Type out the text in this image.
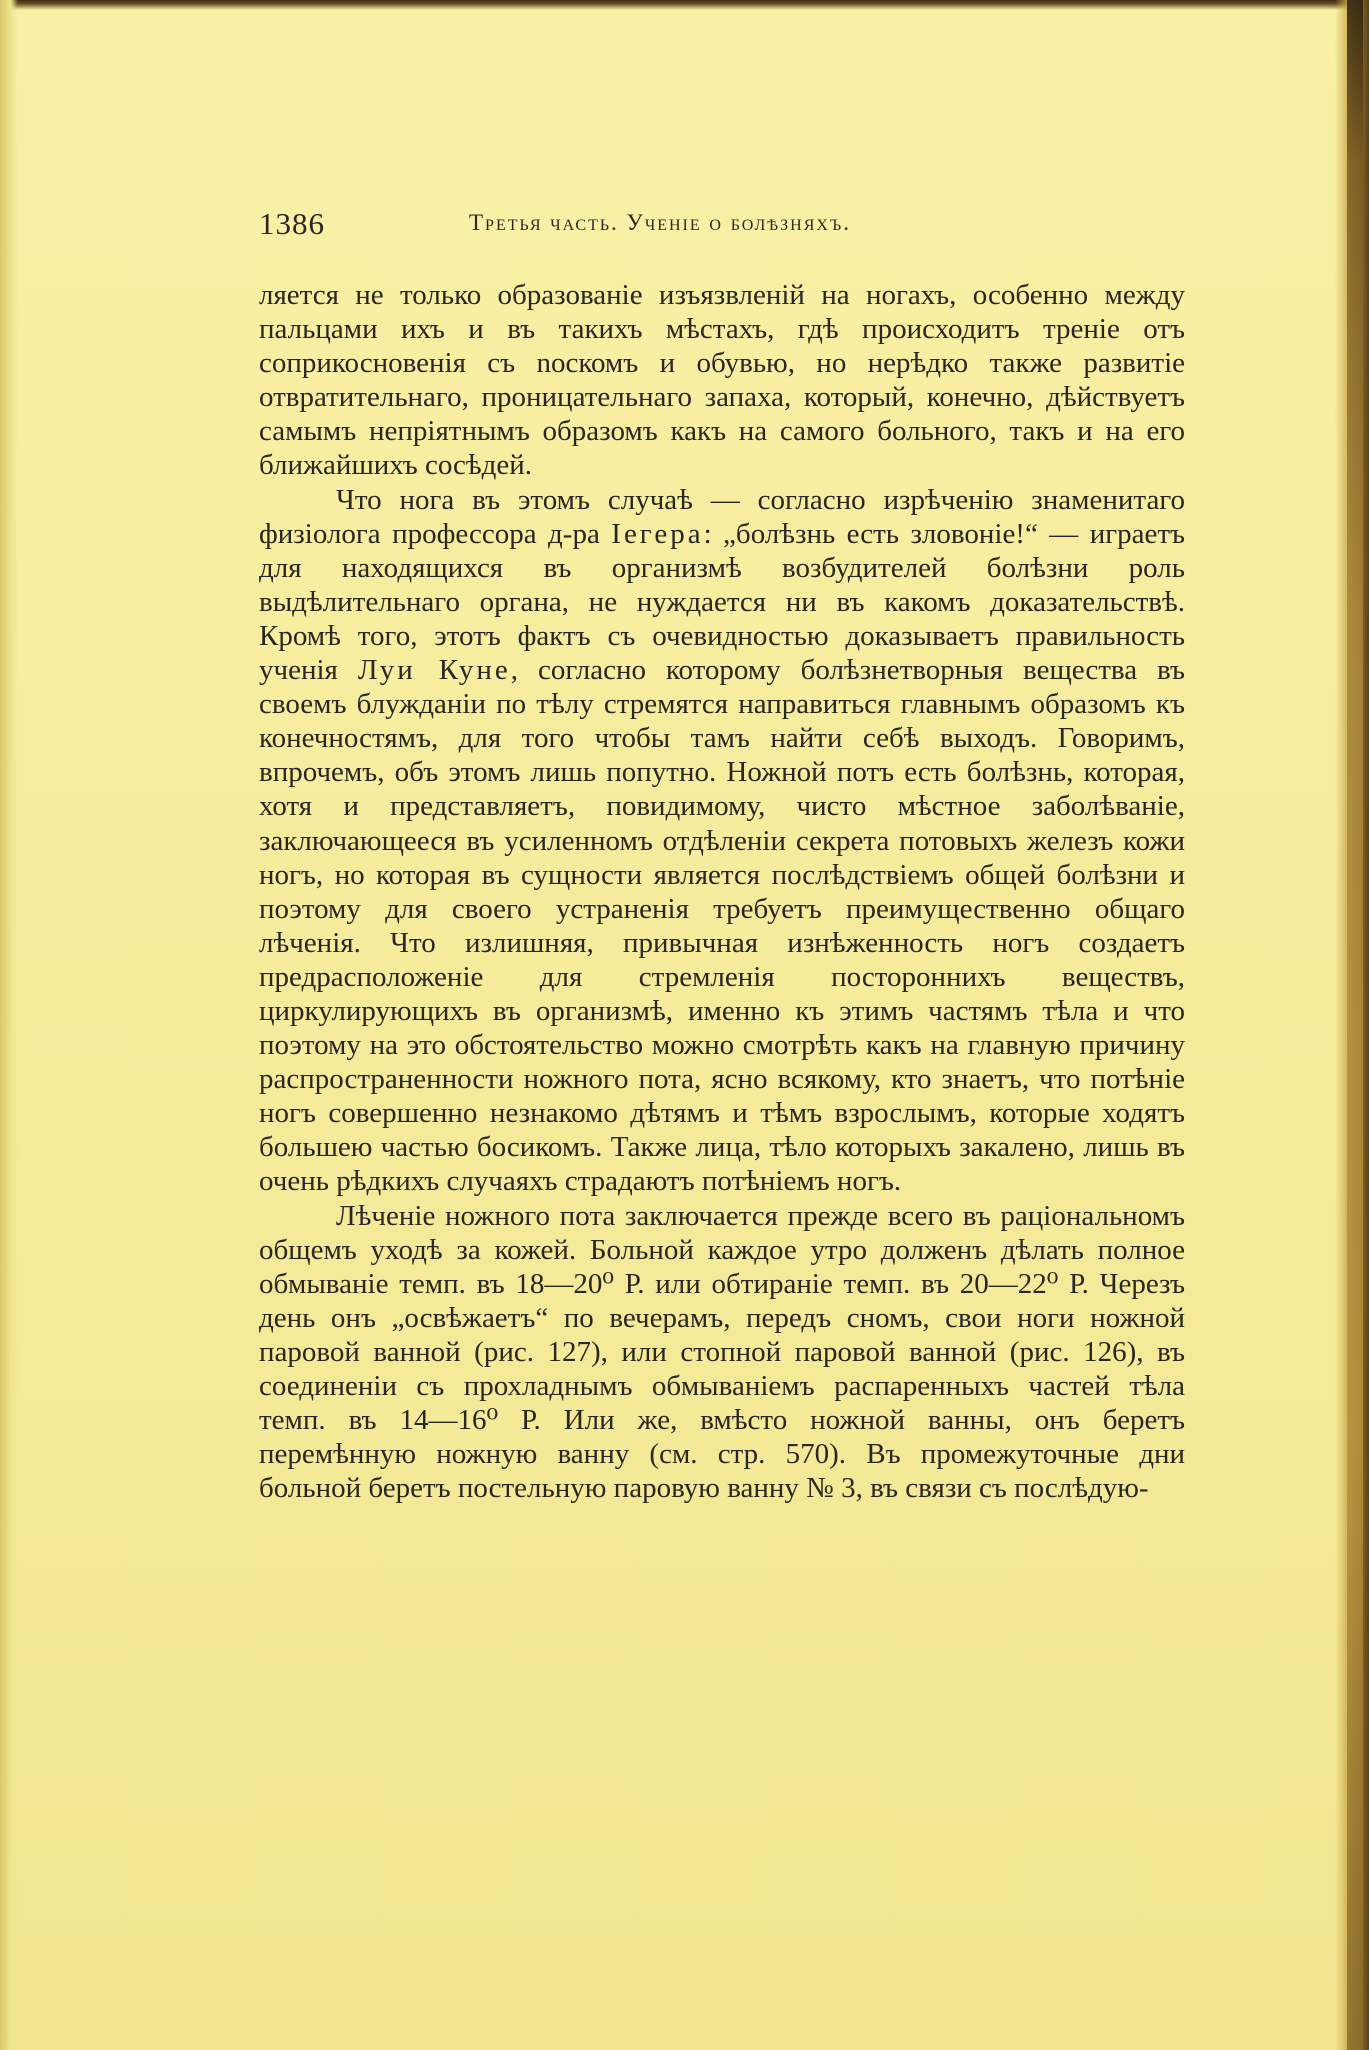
1386	Третья часть. Ученіе о болѣзняхъ.

ляется не только образованіе изъязвленій на ногахъ, особенно между пальцами ихъ и въ такихъ мѣстахъ, гдѣ происходитъ треніе отъ соприкосновенія съ noскомъ и обувью, но нерѣдко также развитіе отвратительнаго, проницательнаго запаха, который, конечно, дѣйствуетъ самымъ непріятнымъ образомъ какъ на самого больного, такъ и на его ближайшихъ сосѣдей.

Что нога въ этомъ случаѣ — согласно изрѣченію знаменитаго физіолога профессора д-ра Iегера: „болѣзнь есть зловоніе!“ — играетъ для находящихся въ организмѣ возбудителей болѣзни роль выдѣлительнаго органа, не нуждается ни въ какомъ доказательствѣ. Кромѣ того, этотъ фактъ съ очевидностью доказываетъ правильность ученія Луи Куне, согласно которому болѣзнетворныя вещества въ своемъ блужданіи по тѣлу стремятся направиться главнымъ образомъ къ конечностямъ, для того чтобы тамъ найти себѣ выходъ. Говоримъ, впрочемъ, объ этомъ лишь попутно. Ножной потъ есть болѣзнь, которая, хотя и представляетъ, повидимому, чисто мѣстное заболѣваніе, заключающееся въ усиленномъ отдѣленіи секрета потовыхъ железъ кожи ногъ, но которая въ сущности является послѣдствіемъ общей болѣзни и поэтому для своего устраненія требуетъ преимущественно общаго лѣченія. Что излишняя, привычная изнѣженность ногъ создаетъ предрасположеніе для стремленія постороннихъ веществъ, циркулирующихъ въ организмѣ, именно къ этимъ частямъ тѣла и что поэтому на это обстоятельство можно смотрѣть какъ на главную причину распространенности ножного пота, ясно всякому, кто знаетъ, что потѣніе ногъ совершенно незнакомо дѣтямъ и тѣмъ взрослымъ, которые ходятъ большею частью босикомъ. Также лица, тѣло которыхъ закалено, лишь въ очень рѣдкихъ случаяхъ страдаютъ потѣніемъ ногъ.

Лѣченіе ножного пота заключается прежде всего въ раціональномъ общемъ уходѣ за кожей. Больной каждое утро долженъ дѣлать полное обмываніе темп. въ 18—20⁰ Р. или обтираніе темп. въ 20—22⁰ Р. Черезъ день онъ „освѣжаетъ“ по вечерамъ, передъ сномъ, свои ноги ножной паровой ванной (рис. 127), или стопной паровой ванной (рис. 126), въ соединеніи съ прохладнымъ обмываніемъ распаренныхъ частей тѣла темп. въ 14—16⁰ Р. Или же, вмѣсто ножной ванны, онъ беретъ перемѣнную ножную ванну (см. стр. 570). Въ промежуточные дни больной беретъ постельную паровую ванну № 3, въ связи съ послѣдую-
